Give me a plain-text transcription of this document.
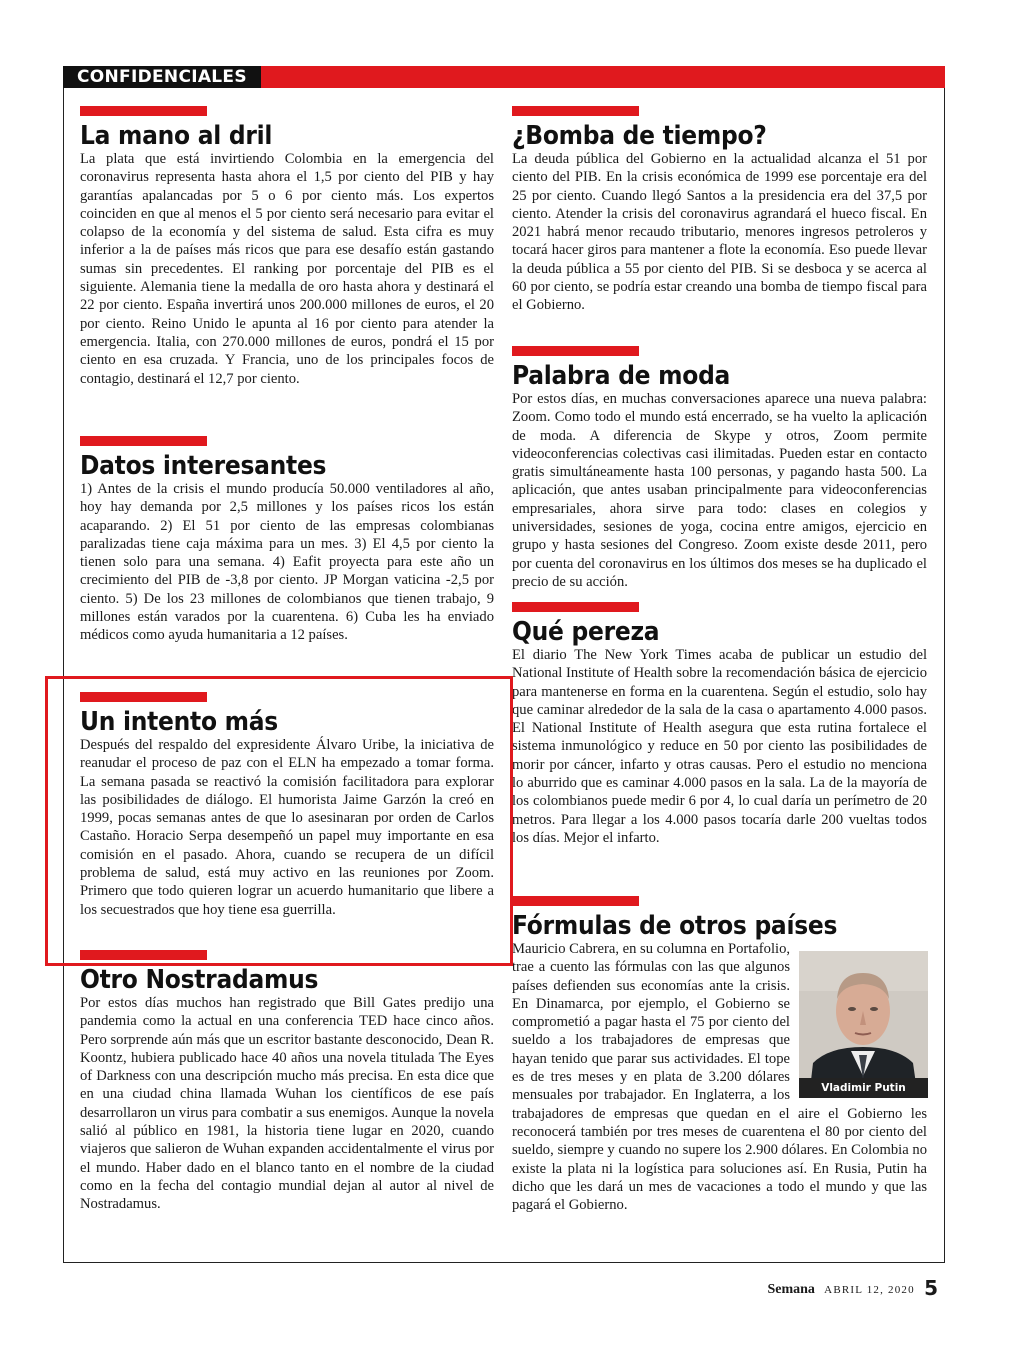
CONFIDENCIALES
La mano al dril

La plata que está invirtiendo Colombia en la emergencia del coronavirus representa hasta ahora el 1,5 por ciento del PIB y hay garantías apalancadas por 5 o 6 por ciento más. Los expertos coinciden en que al menos el 5 por ciento será necesario para evitar el colapso de la economía y del sistema de salud. Esta cifra es muy inferior a la de países más ricos que para ese desafío están gastando sumas sin precedentes. El ranking por porcentaje del PIB es el siguiente. Alemania tiene la medalla de oro hasta ahora y destinará el 22 por ciento. España invertirá unos 200.000 millones de euros, el 20 por ciento. Reino Unido le apunta al 16 por ciento para atender la emergencia. Italia, con 270.000 millones de euros, pondrá el 15 por ciento en esa cruzada. Y Francia, uno de los principales focos de contagio, destinará el 12,7 por ciento.

Datos interesantes

1) Antes de la crisis el mundo producía 50.000 ventiladores al año, hoy hay demanda por 2,5 millones y los países ricos los están acaparando. 2) El 51 por ciento de las empresas colombianas paralizadas tiene caja máxima para un mes. 3) El 4,5 por ciento la tienen solo para una semana. 4) Eafit proyecta para este año un crecimiento del PIB de -3,8 por ciento. JP Morgan vaticina -2,5 por ciento. 5) De los 23 millones de colombianos que tienen trabajo, 9 millones están varados por la cuarentena. 6) Cuba les ha enviado médicos como ayuda humanitaria a 12 países.

Un intento más

Después del respaldo del expresidente Álvaro Uribe, la iniciativa de reanudar el proceso de paz con el ELN ha empezado a tomar forma. La semana pasada se reactivó la comisión facilitadora para explorar las posibilidades de diálogo. El humorista Jaime Garzón la creó en 1999, pocas semanas antes de que lo asesinaran por orden de Carlos Castaño. Horacio Serpa desempeñó un papel muy importante en esa comisión en el pasado. Ahora, cuando se recupera de un difícil problema de salud, está muy activo en las reuniones por Zoom. Primero que todo quieren lograr un acuerdo humanitario que libere a los secuestrados que hoy tiene esa guerrilla.

Otro Nostradamus

Por estos días muchos han registrado que Bill Gates predijo una pandemia como la actual en una conferencia TED hace cinco años. Pero sorprende aún más que un escritor bastante desconocido, Dean R. Koontz, hubiera publicado hace 40 años una novela titulada The Eyes of Darkness con una descripción mucho más precisa. En esta dice que en una ciudad china llamada Wuhan los científicos de ese país desarrollaron un virus para combatir a sus enemigos. Aunque la novela salió al público en 1981, la historia tiene lugar en 2020, cuando viajeros que salieron de Wuhan expanden accidentalmente el virus por el mundo. Haber dado en el blanco tanto en el nombre de la ciudad como en la fecha del contagio mundial dejan al autor al nivel de Nostradamus.

¿Bomba de tiempo?

La deuda pública del Gobierno en la actualidad alcanza el 51 por ciento del PIB. En la crisis económica de 1999 ese porcentaje era del 25 por ciento. Cuando llegó Santos a la presidencia era del 37,5 por ciento. Atender la crisis del coronavirus agrandará el hueco fiscal. En 2021 habrá menor recaudo tributario, menores ingresos petroleros y tocará hacer giros para mantener a flote la economía. Eso puede llevar la deuda pública a 55 por ciento del PIB. Si se desboca y se acerca al 60 por ciento, se podría estar creando una bomba de tiempo fiscal para el Gobierno.

Palabra de moda

Por estos días, en muchas conversaciones aparece una nueva palabra: Zoom. Como todo el mundo está encerrado, se ha vuelto la aplicación de moda. A diferencia de Skype y otros, Zoom permite videoconferencias colectivas casi ilimitadas. Pueden estar en contacto gratis simultáneamente hasta 100 personas, y pagando hasta 500. La aplicación, que antes usaban principalmente para videoconferencias empresariales, ahora sirve para todo: clases en colegios y universidades, sesiones de yoga, cocina entre amigos, ejercicio en grupo y hasta sesiones del Congreso. Zoom existe desde 2011, pero por cuenta del coronavirus en los últimos dos meses se ha duplicado el precio de su acción.

Qué pereza

El diario The New York Times acaba de publicar un estudio del National Institute of Health sobre la recomendación básica de ejercicio para mantenerse en forma en la cuarentena. Según el estudio, solo hay que caminar alrededor de la sala de la casa o apartamento 4.000 pasos. El National Institute of Health asegura que esta rutina fortalece el sistema inmunológico y reduce en 50 por ciento las posibilidades de morir por cáncer, infarto y otras causas. Pero el estudio no menciona lo aburrido que es caminar 4.000 pasos en la sala. La de la mayoría de los colombianos puede medir 6 por 4, lo cual daría un perímetro de 20 metros. Para llegar a los 4.000 pasos tocaría darle 200 vueltas todos los días. Mejor el infarto.

Fórmulas de otros países

Mauricio Cabrera, en su columna en Portafolio, trae a cuento las fórmulas con las que algunos países defienden sus economías ante la crisis. En Dinamarca, por ejemplo, el Gobierno se comprometió a pagar hasta el 75 por ciento del sueldo a los trabajadores de empresas que hayan tenido que parar sus actividades. El tope es de tres meses y en plata de 3.200 dólares mensuales por trabajador. En Inglaterra, a los trabajadores de empresas que quedan en el aire el Gobierno les reconocerá también por tres meses de cuarentena el 80 por ciento del sueldo, siempre y cuando no supere los 2.900 dólares. En Colombia no existe la plata ni la logística para soluciones así. En Rusia, Putin ha dicho que les dará un mes de vacaciones a todo el mundo y que las pagará el Gobierno.

Vladimir Putin
Semana ABRIL 12, 2020 5
